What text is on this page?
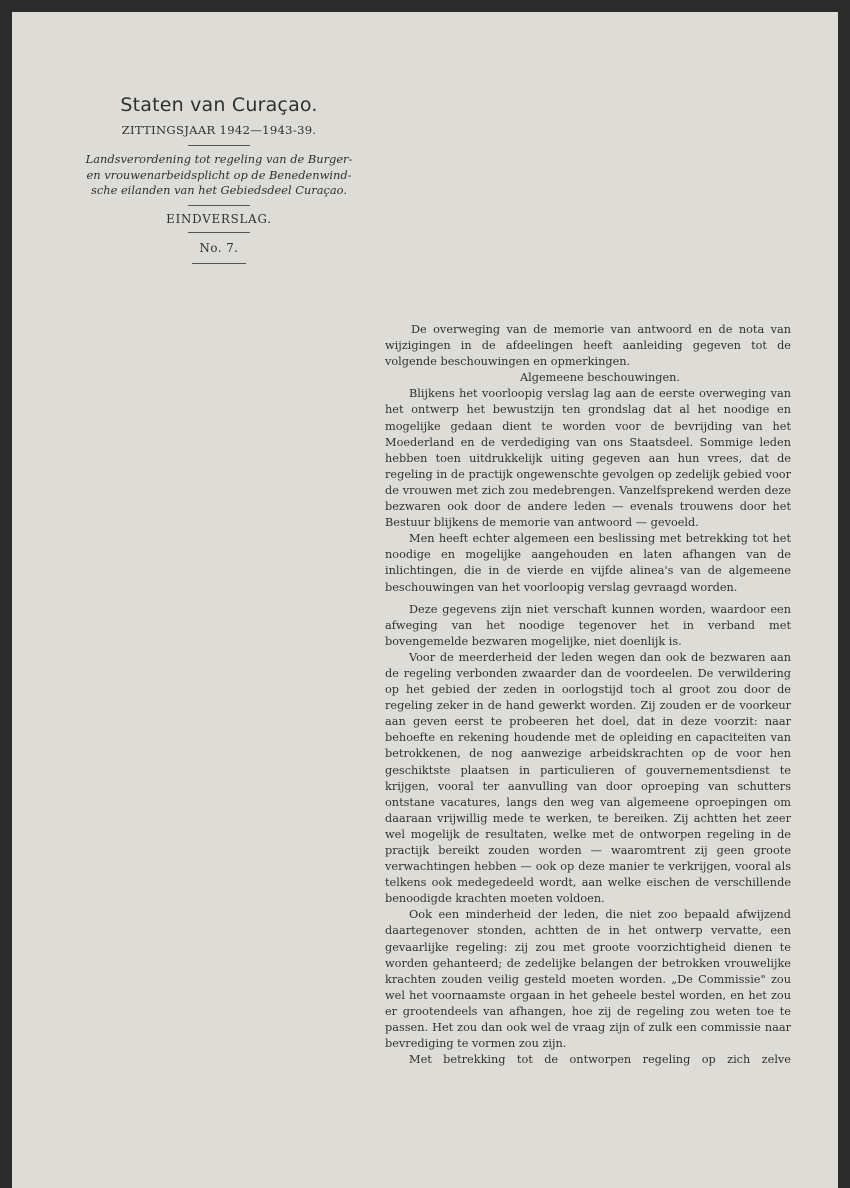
Staten van Curaçao.
ZITTINGSJAAR 1942—1943-39.
Landsverordening tot regeling van de Burger-
en vrouwenarbeidsplicht op de Benedenwind-
sche eilanden van het Gebiedsdeel Curaçao.
EINDVERSLAG.
No. 7.

De overweging van de memorie van antwoord en de nota van wijzigingen in de afdeelingen heeft aanleiding gegeven tot de volgende beschouwingen en opmerkingen.

Algemeene beschouwingen.

Blijkens het voorloopig verslag lag aan de eerste overweging van het ontwerp het bewustzijn ten grondslag dat al het noodige en mogelijke gedaan dient te worden voor de bevrijding van het Moederland en de verdediging van ons Staatsdeel. Sommige leden hebben toen uitdrukkelijk uiting gegeven aan hun vrees, dat de regeling in de practijk ongewenschte gevolgen op zedelijk gebied voor de vrouwen met zich zou medebrengen. Vanzelfsprekend werden deze bezwaren ook door de andere leden — evenals trouwens door het Bestuur blijkens de memorie van antwoord — gevoeld.

Men heeft echter algemeen een beslissing met betrekking tot het noodige en mogelijke aangehouden en laten afhangen van de inlichtingen, die in de vierde en vijfde alinea's van de algemeene beschouwingen van het voorloopig verslag gevraagd worden.

Deze gegevens zijn niet verschaft kunnen worden, waardoor een afweging van het noodige tegenover het in verband met bovengemelde bezwaren mogelijke, niet doenlijk is.

Voor de meerderheid der leden wegen dan ook de bezwaren aan de regeling verbonden zwaarder dan de voordeelen. De verwildering op het gebied der zeden in oorlogstijd toch al groot zou door de regeling zeker in de hand gewerkt worden. Zij zouden er de voorkeur aan geven eerst te probeeren het doel, dat in deze voorzit: naar behoefte en rekening houdende met de opleiding en capaciteiten van betrokkenen, de nog aanwezige arbeidskrachten op de voor hen geschiktste plaatsen in particulieren of gouvernementsdienst te krijgen, vooral ter aanvulling van door oproeping van schutters ontstane vacatures, langs den weg van algemeene oproepingen om daaraan vrijwillig mede te werken, te bereiken. Zij achtten het zeer wel mogelijk de resultaten, welke met de ontworpen regeling in de practijk bereikt zouden worden — waaromtrent zij geen groote verwachtingen hebben — ook op deze manier te verkrijgen, vooral als telkens ook medegedeeld wordt, aan welke eischen de verschillende benoodigde krachten moeten voldoen.

Ook een minderheid der leden, die niet zoo bepaald afwijzend daartegenover stonden, achtten de in het ontwerp vervatte, een gevaarlijke regeling: zij zou met groote voorzichtigheid dienen te worden gehanteerd; de zedelijke belangen der betrokken vrouwelijke krachten zouden veilig gesteld moeten worden. „De Commissie" zou wel het voornaamste orgaan in het geheele bestel worden, en het zou er grootendeels van afhangen, hoe zij de regeling zou weten toe te passen. Het zou dan ook wel de vraag zijn of zulk een commissie naar bevrediging te vormen zou zijn.

Met betrekking tot de ontworpen regeling op zich zelve
